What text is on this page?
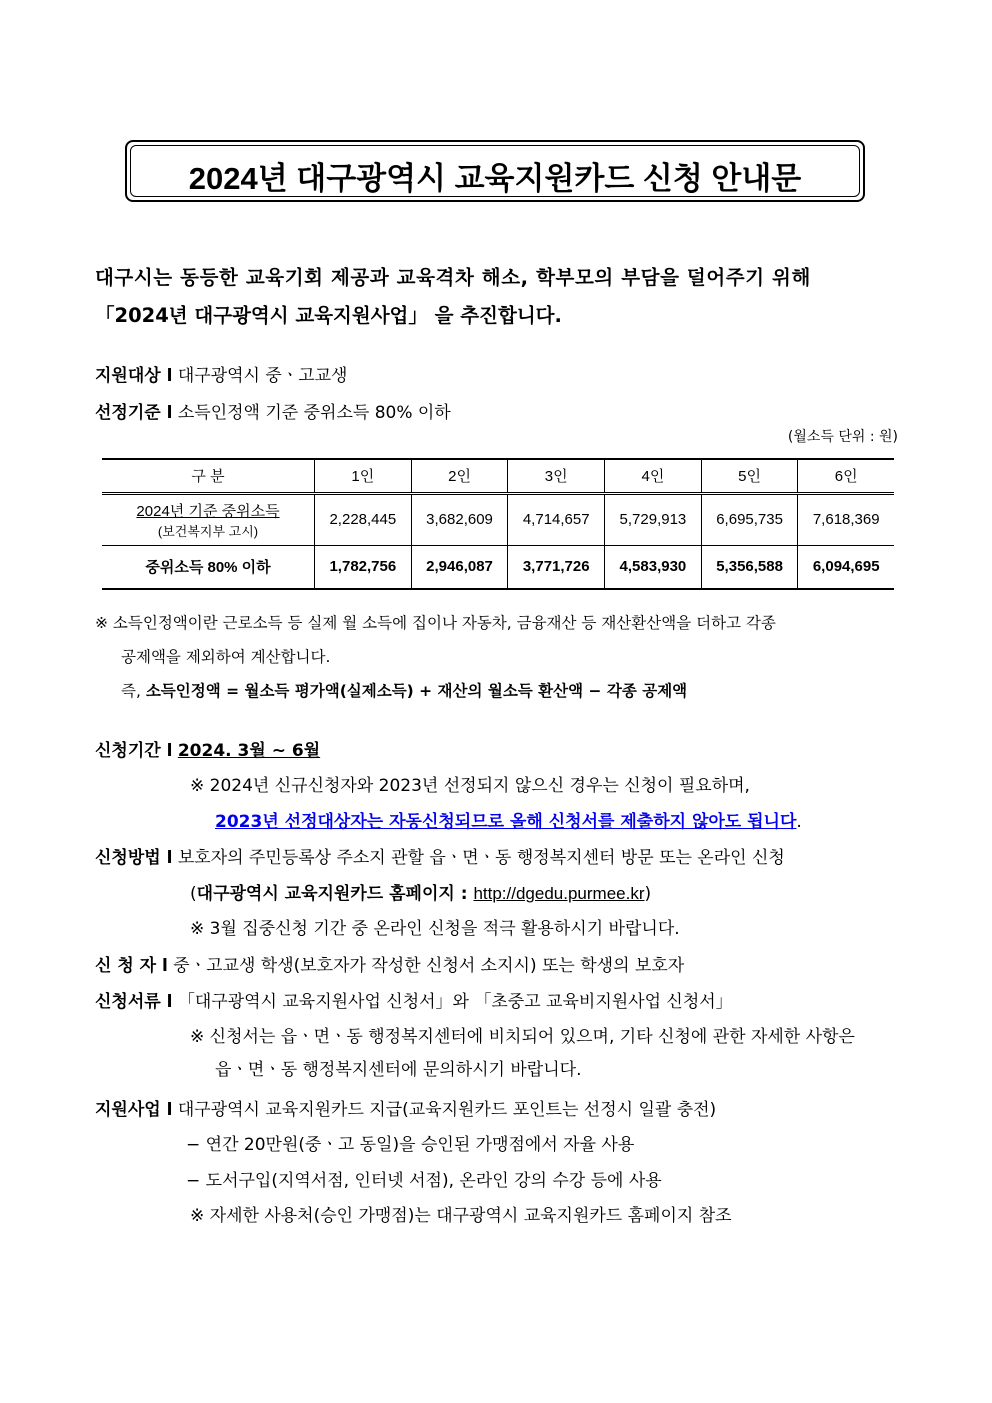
2024년 대구광역시 교육지원카드 신청 안내문
대구시는 동등한 교육기회 제공과 교육격차 해소, 학부모의 부담을 덜어주기 위해
「2024년 대구광역시 교육지원사업」 을 추진합니다.
지원대상 l 대구광역시 중ㆍ고교생
선정기준 l 소득인정액 기준 중위소득 80% 이하
(월소득 단위 : 원)
구 분	1인	2인	3인	4인	5인	6인
2024년 기준 중위소득
(보건복지부 고시)	2,228,445	3,682,609	4,714,657	5,729,913	6,695,735	7,618,369
중위소득 80% 이하	1,782,756	2,946,087	3,771,726	4,583,930	5,356,588	6,094,695
※ 소득인정액이란 근로소득 등 실제 월 소득에 집이나 자동차, 금융재산 등 재산환산액을 더하고 각종
공제액을 제외하여 계산합니다.
즉, 소득인정액 = 월소득 평가액(실제소득) + 재산의 월소득 환산액 − 각종 공제액
신청기간 l 2024. 3월 ~ 6월
※ 2024년 신규신청자와 2023년 선정되지 않으신 경우는 신청이 필요하며,
2023년 선정대상자는 자동신청되므로 올해 신청서를 제출하지 않아도 됩니다.
신청방법 l 보호자의 주민등록상 주소지 관할 읍ㆍ면ㆍ동 행정복지센터 방문 또는 온라인 신청
(대구광역시 교육지원카드 홈페이지 : http://dgedu.purmee.kr)
※ 3월 집중신청 기간 중 온라인 신청을 적극 활용하시기 바랍니다.
신 청 자 l 중ㆍ고교생 학생(보호자가 작성한 신청서 소지시) 또는 학생의 보호자
신청서류 l 「대구광역시 교육지원사업 신청서」와 「초중고 교육비지원사업 신청서」
※ 신청서는 읍ㆍ면ㆍ동 행정복지센터에 비치되어 있으며, 기타 신청에 관한 자세한 사항은
읍ㆍ면ㆍ동 행정복지센터에 문의하시기 바랍니다.
지원사업 l 대구광역시 교육지원카드 지급(교육지원카드 포인트는 선정시 일괄 충전)
− 연간 20만원(중ㆍ고 동일)을 승인된 가맹점에서 자율 사용
− 도서구입(지역서점, 인터넷 서점), 온라인 강의 수강 등에 사용
※ 자세한 사용처(승인 가맹점)는 대구광역시 교육지원카드 홈페이지 참조
